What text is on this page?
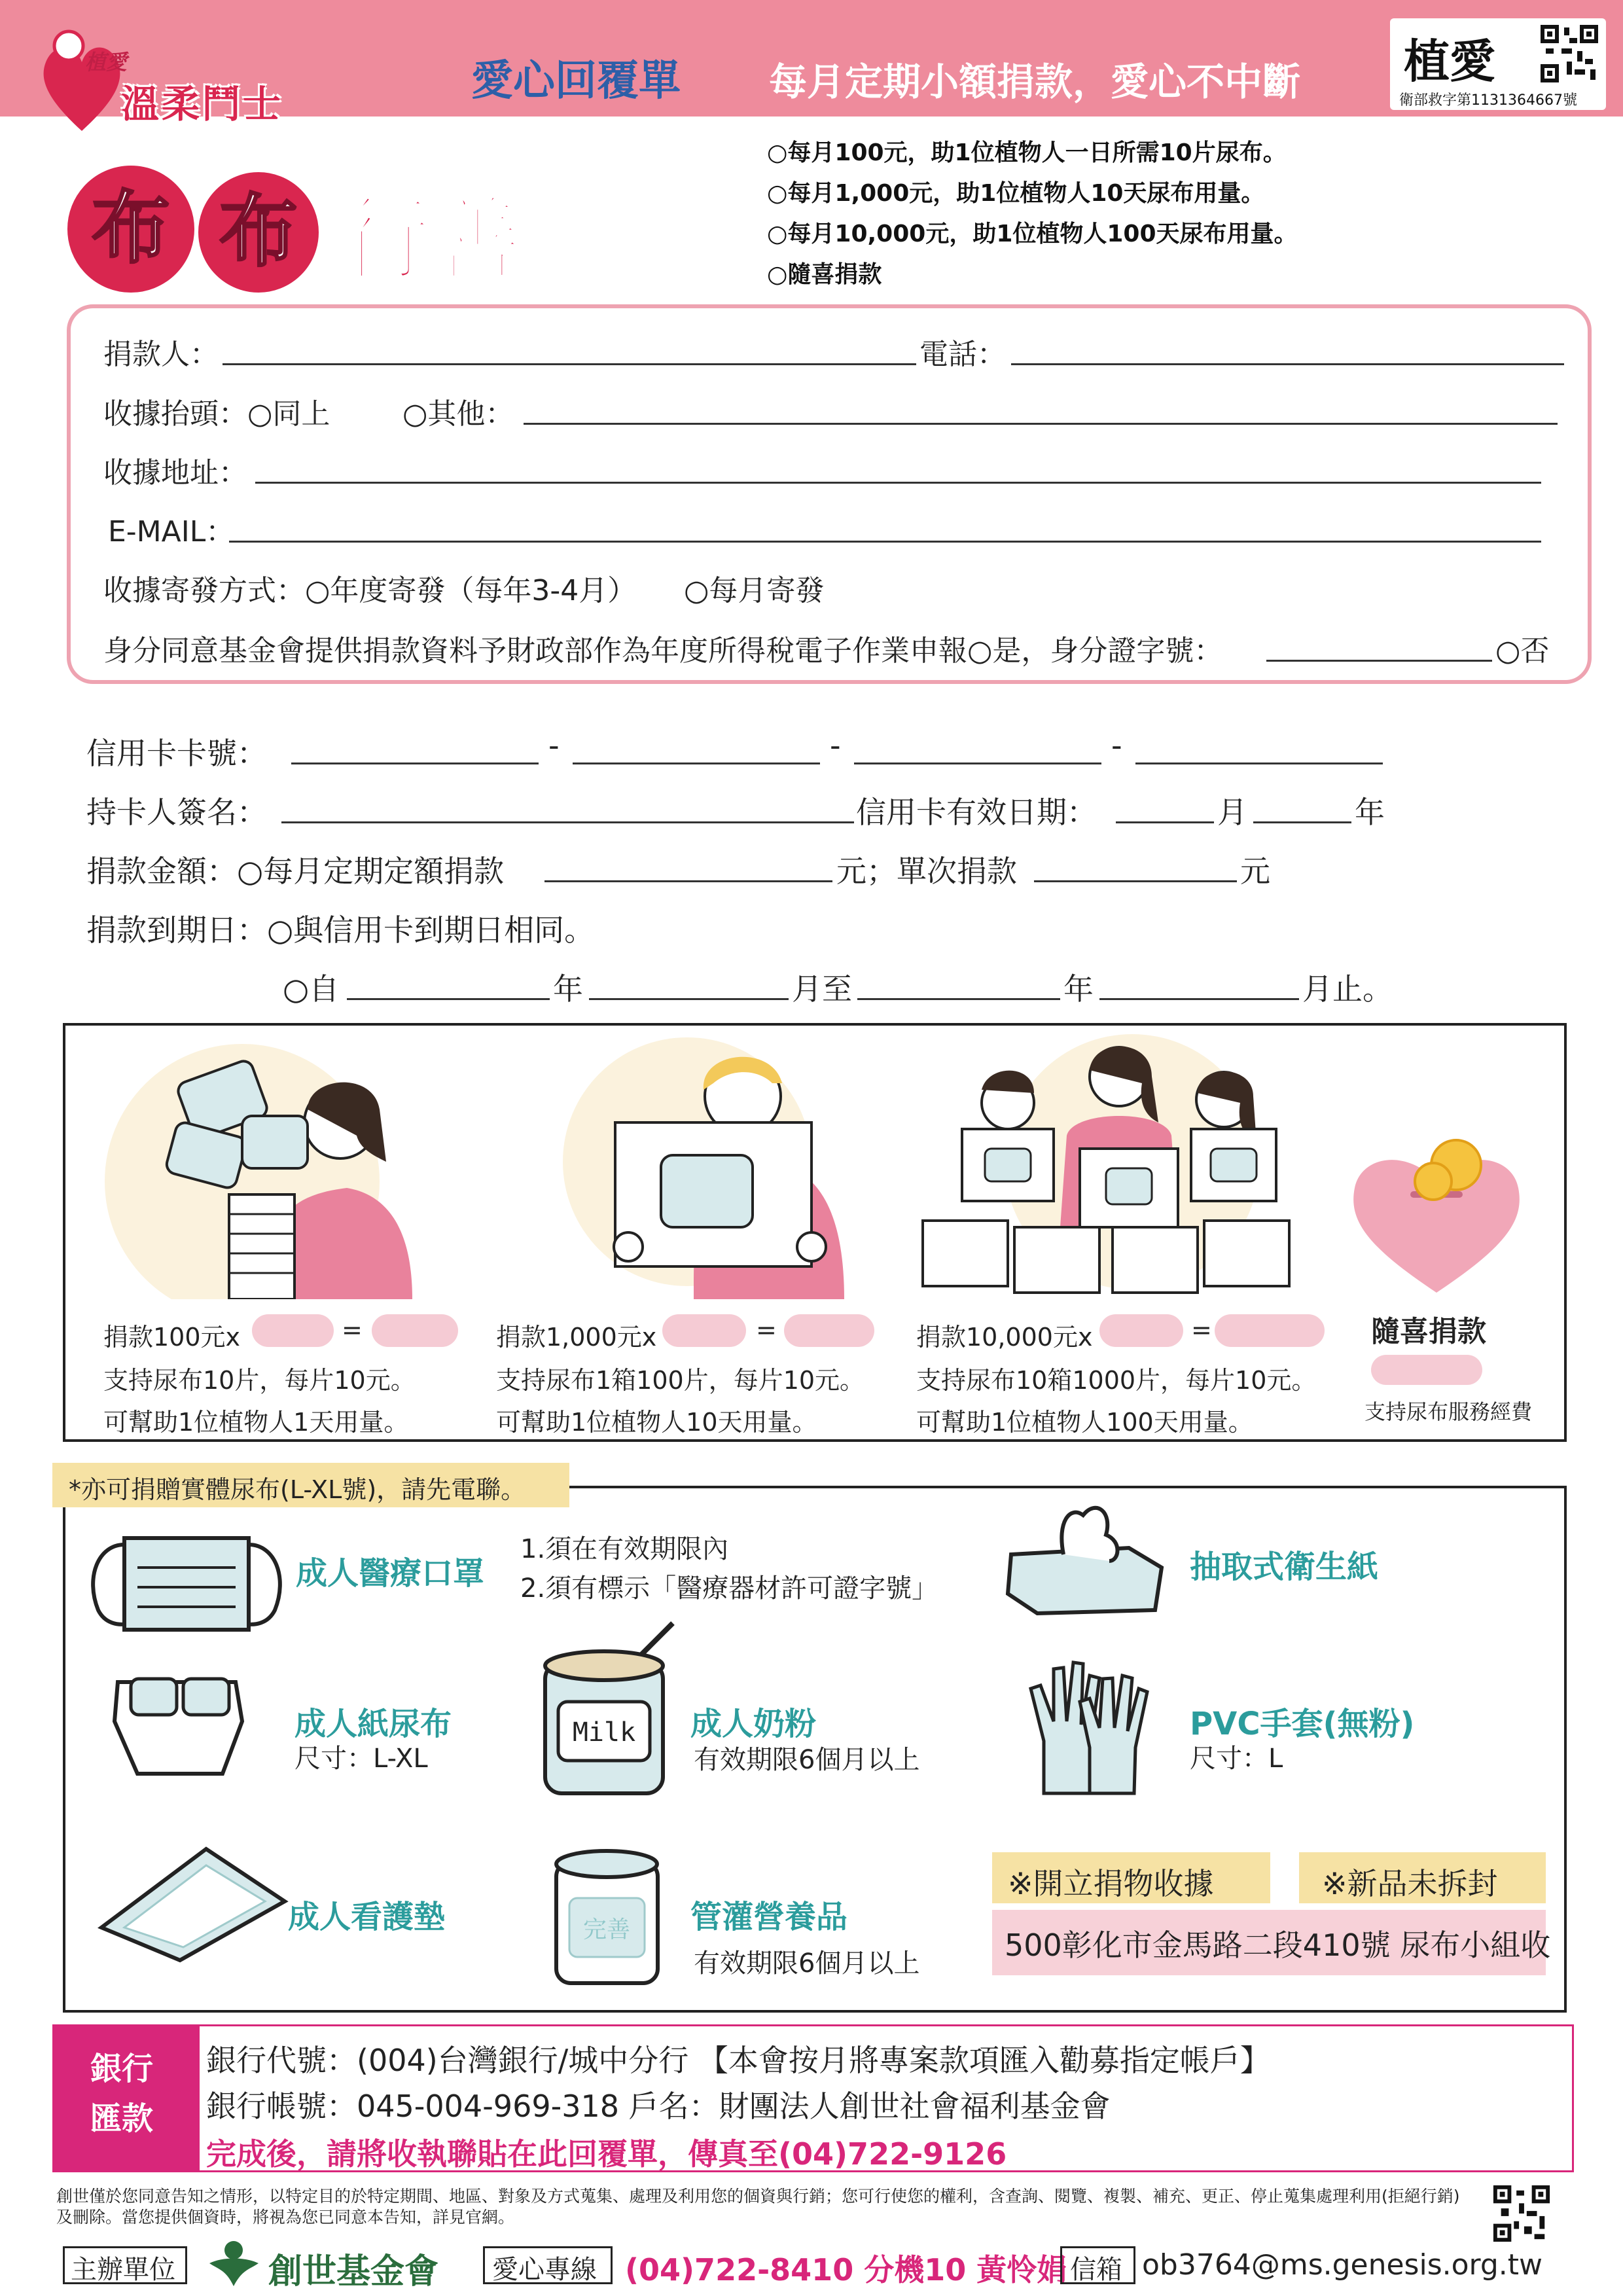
植愛
溫柔鬥士	愛心回覆單 每月定期小額捐款，愛心不中斷 植愛
衛部救字第1131364667號
布 布 行善
○每月100元，助1位植物人一日所需10片尿布。
○每月1,000元，助1位植物人10天尿布用量。
○每月10,000元，助1位植物人100天尿布用量。
○隨喜捐款
捐款人：	電話：
收據抬頭：○同上	○其他：
收據地址：
E-MAIL：
收據寄發方式：○年度寄發（每年3-4月） ○每月寄發
身分同意基金會提供捐款資料予財政部作為年度所得稅電子作業申報○是，身分證字號：	○否
信用卡卡號：	-	-	-
持卡人簽名：	信用卡有效日期：	月	年
捐款金額：○每月定期定額捐款	元；單次捐款	元
捐款到期日：○與信用卡到期日相同。
○自	年	月至	年	月止。
捐款100元x	=
支持尿布10片，每片10元。
可幫助1位植物人1天用量。
捐款1,000元x	=
支持尿布1箱100片，每片10元。
可幫助1位植物人10天用量。
捐款10,000元x	=
支持尿布10箱1000片，每片10元。
可幫助1位植物人100天用量。
隨喜捐款
支持尿布服務經費
*亦可捐贈實體尿布(L-XL號)，請先電聯。
成人醫療口罩
1.須在有效期限內
2.須有標示「醫療器材許可證字號」
抽取式衛生紙
成人紙尿布
尺寸：L-XL
Milk 成人奶粉
有效期限6個月以上
PVC手套(無粉)
尺寸：L
成人看護墊	完善 管灌營養品
有效期限6個月以上
※開立捐物收據	※新品未拆封
500彰化市金馬路二段410號 尿布小組收
銀行
匯款
銀行代號：(004)台灣銀行/城中分行 【本會按月將專案款項匯入勸募指定帳戶】
銀行帳號：045-004-969-318 戶名：財團法人創世社會福利基金會
完成後，請將收執聯貼在此回覆單，傳真至(04)722-9126
創世僅於您同意告知之情形，以特定目的於特定期間、地區、對象及方式蒐集、處理及利用您的個資與行銷；您可行使您的權利，含查詢、閱覽、複製、補充、更正、停止蒐集處理利用(拒絕行銷)及刪除。當您提供個資時，將視為您已同意本告知，詳見官網。
主辦單位	創世基金會 愛心專線 (04)722-8410 分機10 黃怜娟 信箱 ob3764@ms.genesis.org.tw
